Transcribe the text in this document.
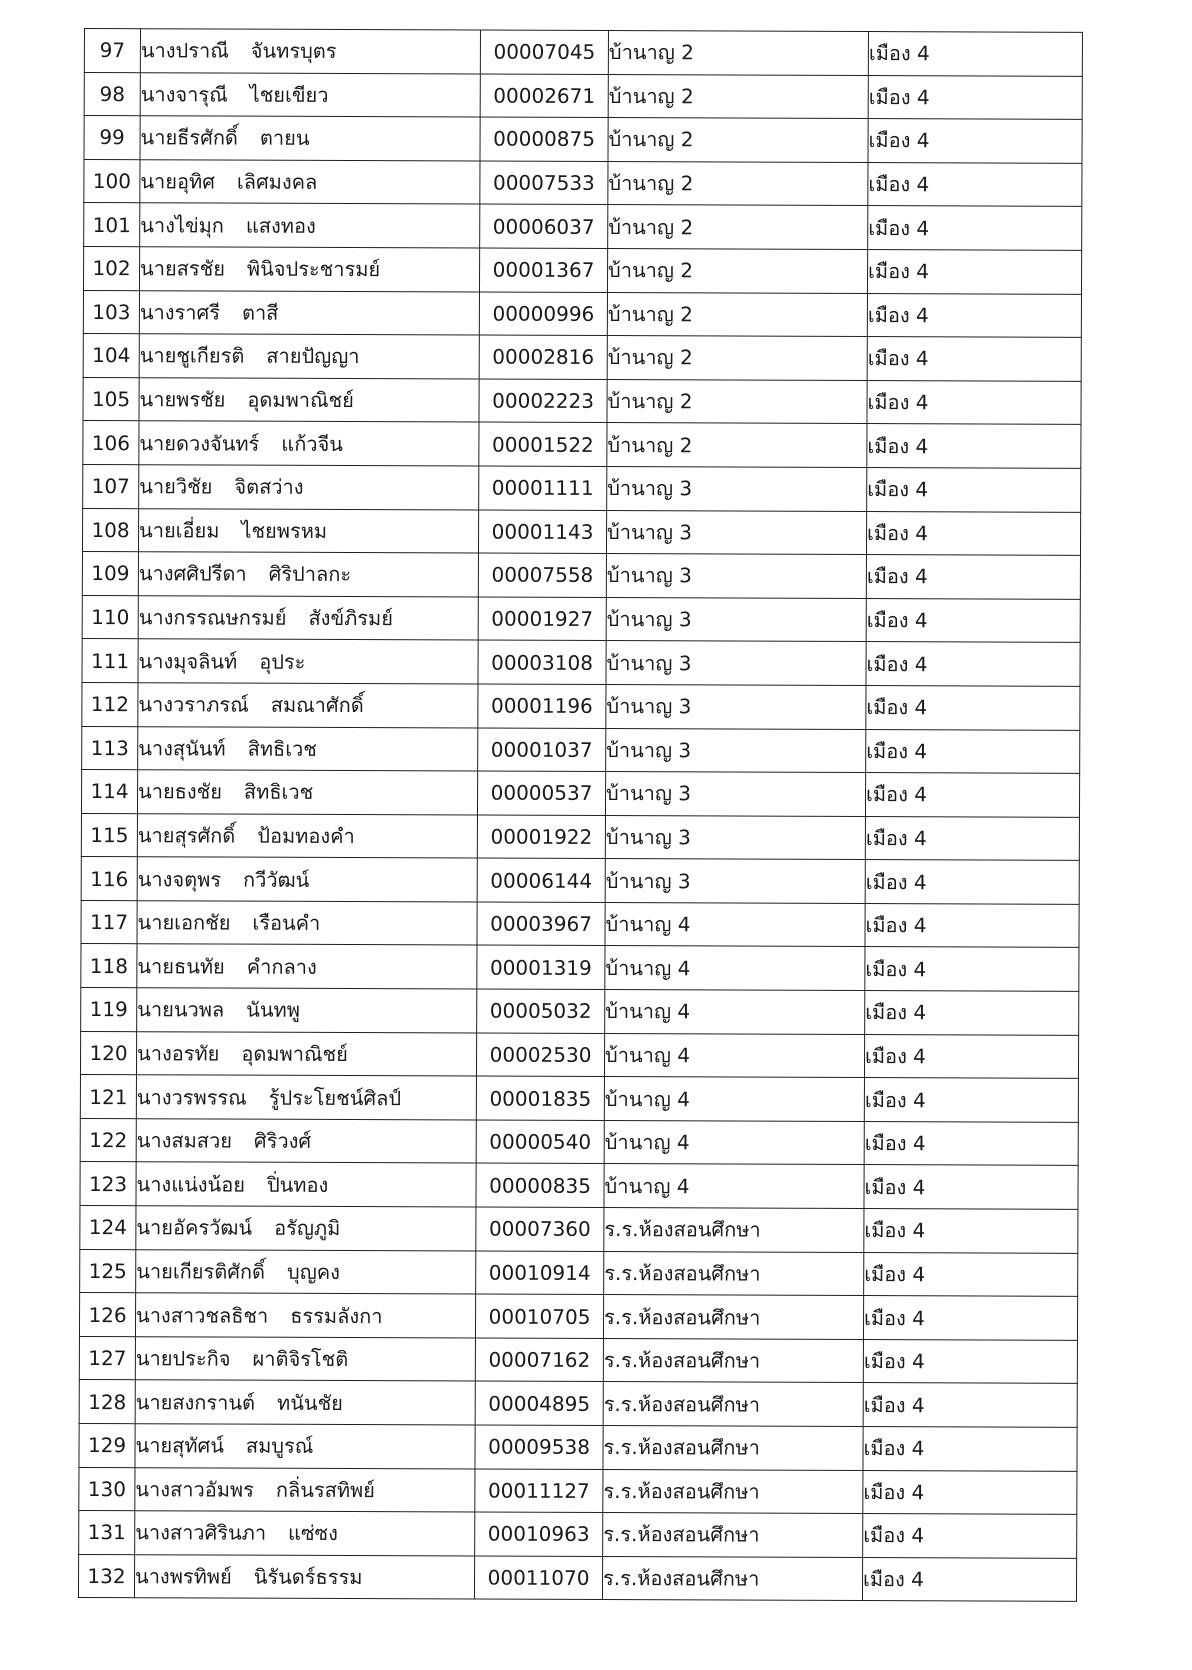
97	นางปราณี จันทรบุตร	00007045	บ้านาญ 2	เมือง 4
98	นางจารุณี ไชยเขียว	00002671	บ้านาญ 2	เมือง 4
99	นายธีรศักดิ์ ตายน	00000875	บ้านาญ 2	เมือง 4
100	นายอุทิศ เลิศมงคล	00007533	บ้านาญ 2	เมือง 4
101	นางไข่มุก แสงทอง	00006037	บ้านาญ 2	เมือง 4
102	นายสรชัย พินิจประชารมย์	00001367	บ้านาญ 2	เมือง 4
103	นางราศรี ตาสี	00000996	บ้านาญ 2	เมือง 4
104	นายชูเกียรติ สายปัญญา	00002816	บ้านาญ 2	เมือง 4
105	นายพรชัย อุดมพาณิชย์	00002223	บ้านาญ 2	เมือง 4
106	นายดวงจันทร์ แก้วจีน	00001522	บ้านาญ 2	เมือง 4
107	นายวิชัย จิตสว่าง	00001111	บ้านาญ 3	เมือง 4
108	นายเอี่ยม ไชยพรหม	00001143	บ้านาญ 3	เมือง 4
109	นางศศิปรีดา ศิริปาลกะ	00007558	บ้านาญ 3	เมือง 4
110	นางกรรณษกรมย์ สังข์ภิรมย์	00001927	บ้านาญ 3	เมือง 4
111	นางมุจลินท์ อุประ	00003108	บ้านาญ 3	เมือง 4
112	นางวราภรณ์ สมณาศักดิ์	00001196	บ้านาญ 3	เมือง 4
113	นางสุนันท์ สิทธิเวช	00001037	บ้านาญ 3	เมือง 4
114	นายธงชัย สิทธิเวช	00000537	บ้านาญ 3	เมือง 4
115	นายสุรศักดิ์ ป้อมทองคำ	00001922	บ้านาญ 3	เมือง 4
116	นางจตุพร กวีวัฒน์	00006144	บ้านาญ 3	เมือง 4
117	นายเอกชัย เรือนคำ	00003967	บ้านาญ 4	เมือง 4
118	นายธนทัย คำกลาง	00001319	บ้านาญ 4	เมือง 4
119	นายนวพล นันทพู	00005032	บ้านาญ 4	เมือง 4
120	นางอรทัย อุดมพาณิชย์	00002530	บ้านาญ 4	เมือง 4
121	นางวรพรรณ รู้ประโยชน์ศิลป์	00001835	บ้านาญ 4	เมือง 4
122	นางสมสวย ศิริวงศ์	00000540	บ้านาญ 4	เมือง 4
123	นางแน่งน้อย ปิ่นทอง	00000835	บ้านาญ 4	เมือง 4
124	นายอัครวัฒน์ อรัญภูมิ	00007360	ร.ร.ห้องสอนศึกษา	เมือง 4
125	นายเกียรติศักดิ์ บุญคง	00010914	ร.ร.ห้องสอนศึกษา	เมือง 4
126	นางสาวชลธิชา ธรรมลังกา	00010705	ร.ร.ห้องสอนศึกษา	เมือง 4
127	นายประกิจ ผาติจิรโชติ	00007162	ร.ร.ห้องสอนศึกษา	เมือง 4
128	นายสงกรานต์ ทนันชัย	00004895	ร.ร.ห้องสอนศึกษา	เมือง 4
129	นายสุทัศน์ สมบูรณ์	00009538	ร.ร.ห้องสอนศึกษา	เมือง 4
130	นางสาวอัมพร กลิ่นรสทิพย์	00011127	ร.ร.ห้องสอนศึกษา	เมือง 4
131	นางสาวศิรินภา แซ่ซง	00010963	ร.ร.ห้องสอนศึกษา	เมือง 4
132	นางพรทิพย์ นิรันดร์ธรรม	00011070	ร.ร.ห้องสอนศึกษา	เมือง 4
